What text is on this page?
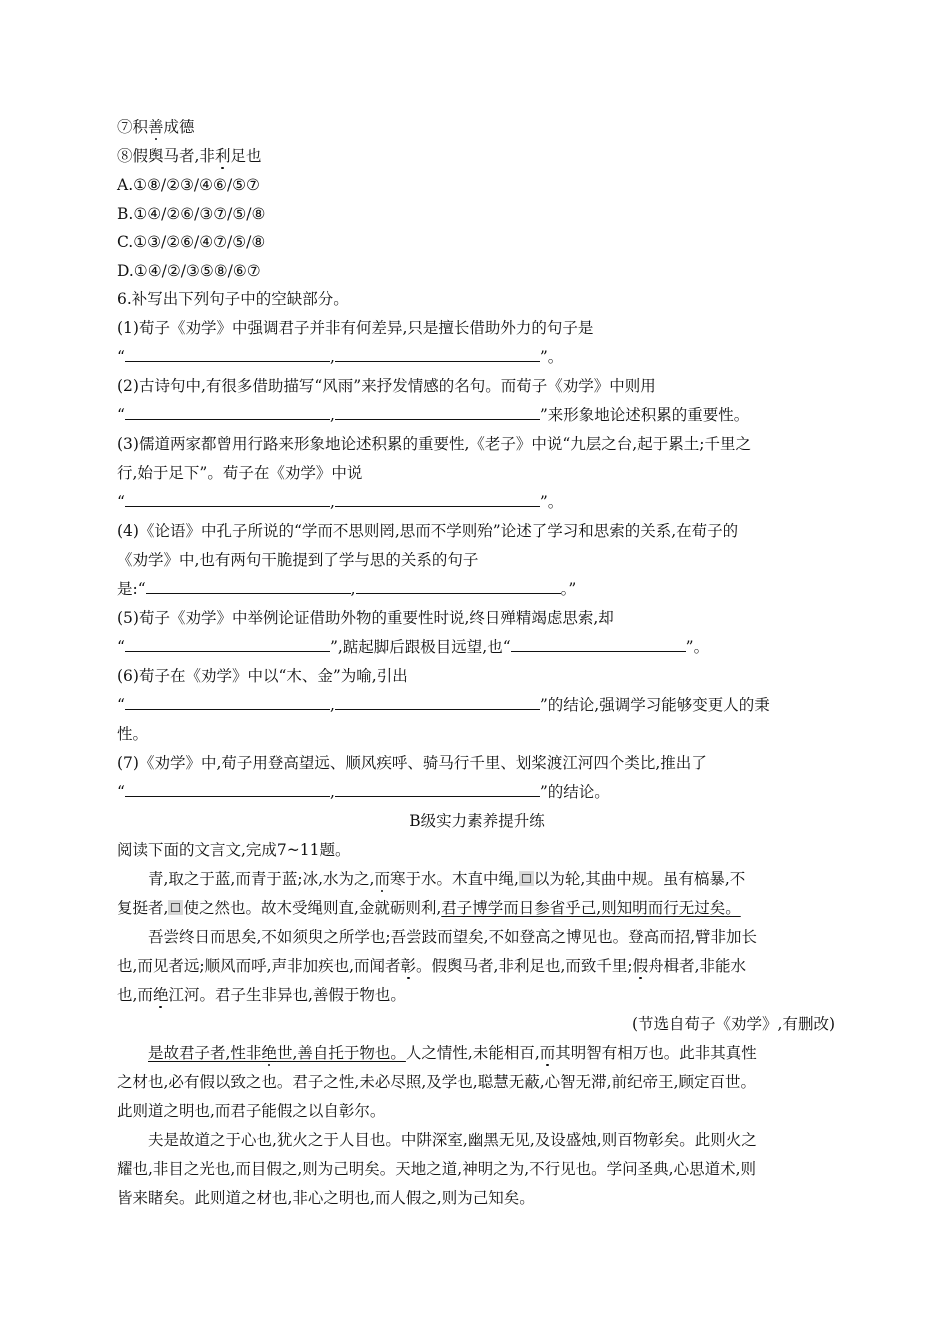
⑦积善成德
⑧假舆马者,非利足也
A.①⑧/②③/④⑥/⑤⑦
B.①④/②⑥/③⑦/⑤/⑧
C.①③/②⑥/④⑦/⑤/⑧
D.①④/②/③⑤⑧/⑥⑦
6.补写出下列句子中的空缺部分。
(1)荀子《劝学》中强调君子并非有何差异,只是擅长借助外力的句子是
“	,	”。
(2)古诗句中,有很多借助描写“风雨”来抒发情感的名句。而荀子《劝学》中则用
“	,	”来形象地论述积累的重要性。
(3)儒道两家都曾用行路来形象地论述积累的重要性,《老子》中说“九层之台,起于累土;千里之
行,始于足下”。荀子在《劝学》中说
“	,	”。
(4)《论语》中孔子所说的“学而不思则罔,思而不学则殆”论述了学习和思索的关系,在荀子的
《劝学》中,也有两句干脆提到了学与思的关系的句子
是:“	,	。”
(5)荀子《劝学》中举例论证借助外物的重要性时说,终日殚精竭虑思索,却
“	”,踮起脚后跟极目远望,也“	”。
(6)荀子在《劝学》中以“木、金”为喻,引出
“	,	”的结论,强调学习能够变更人的秉
性。
(7)《劝学》中,荀子用登高望远、顺风疾呼、骑马行千里、划桨渡江河四个类比,推出了
“	,	”的结论。
B级实力素养提升练
阅读下面的文言文,完成7~11题。
青,取之于蓝,而青于蓝;冰,水为之,而寒于水。木直中绳, 以为轮,其曲中规。虽有槁暴,不
复挺者, 使之然也。故木受绳则直,金就砺则利,君子博学而日参省乎己,则知明而行无过矣。
吾尝终日而思矣,不如须臾之所学也;吾尝跂而望矣,不如登高之博见也。登高而招,臂非加长
也,而见者远;顺风而呼,声非加疾也,而闻者彰。假舆马者,非利足也,而致千里;假舟楫者,非能水
也,而绝江河。君子生非异也,善假于物也。
(节选自荀子《劝学》,有删改)
是故君子者,性非绝世,善自托于物也。人之情性,未能相百,而其明智有相万也。此非其真性
之材也,必有假以致之也。君子之性,未必尽照,及学也,聪慧无蔽,心智无滞,前纪帝王,顾定百世。
此则道之明也,而君子能假之以自彰尔。
夫是故道之于心也,犹火之于人目也。中阱深室,幽黑无见,及设盛烛,则百物彰矣。此则火之
耀也,非目之光也,而目假之,则为己明矣。天地之道,神明之为,不行见也。学问圣典,心思道术,则
皆来睹矣。此则道之材也,非心之明也,而人假之,则为己知矣。
